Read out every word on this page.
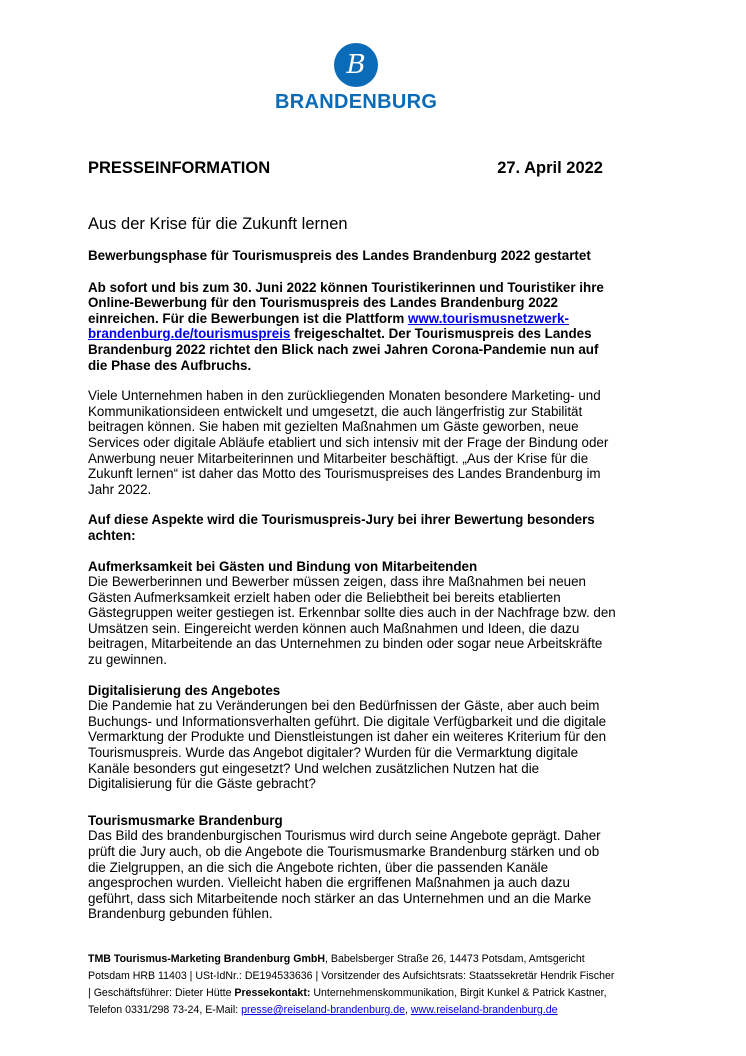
B
BRANDENBURG
PRESSEINFORMATION	27. April 2022
Aus der Krise für die Zukunft lernen
Bewerbungsphase für Tourismuspreis des Landes Brandenburg 2022 gestartet

Ab sofort und bis zum 30. Juni 2022 können Touristikerinnen und Touristiker ihre Online-Bewerbung für den Tourismuspreis des Landes Brandenburg 2022 einreichen. Für die Bewerbungen ist die Plattform www.tourismusnetzwerk-brandenburg.de/tourismuspreis freigeschaltet. Der Tourismuspreis des Landes Brandenburg 2022 richtet den Blick nach zwei Jahren Corona-Pandemie nun auf die Phase des Aufbruchs.

Viele Unternehmen haben in den zurückliegenden Monaten besondere Marketing- und Kommunikationsideen entwickelt und umgesetzt, die auch längerfristig zur Stabilität beitragen können. Sie haben mit gezielten Maßnahmen um Gäste geworben, neue Services oder digitale Abläufe etabliert und sich intensiv mit der Frage der Bindung oder Anwerbung neuer Mitarbeiterinnen und Mitarbeiter beschäftigt. „Aus der Krise für die Zukunft lernen“ ist daher das Motto des Tourismuspreises des Landes Brandenburg im Jahr 2022.

Auf diese Aspekte wird die Tourismuspreis-Jury bei ihrer Bewertung besonders achten:

Aufmerksamkeit bei Gästen und Bindung von Mitarbeitenden
Die Bewerberinnen und Bewerber müssen zeigen, dass ihre Maßnahmen bei neuen Gästen Aufmerksamkeit erzielt haben oder die Beliebtheit bei bereits etablierten Gästegruppen weiter gestiegen ist. Erkennbar sollte dies auch in der Nachfrage bzw. den Umsätzen sein. Eingereicht werden können auch Maßnahmen und Ideen, die dazu beitragen, Mitarbeitende an das Unternehmen zu binden oder sogar neue Arbeitskräfte zu gewinnen.

Digitalisierung des Angebotes
Die Pandemie hat zu Veränderungen bei den Bedürfnissen der Gäste, aber auch beim Buchungs- und Informationsverhalten geführt. Die digitale Verfügbarkeit und die digitale Vermarktung der Produkte und Dienstleistungen ist daher ein weiteres Kriterium für den Tourismuspreis. Wurde das Angebot digitaler? Wurden für die Vermarktung digitale Kanäle besonders gut eingesetzt? Und welchen zusätzlichen Nutzen hat die Digitalisierung für die Gäste gebracht?

Tourismusmarke Brandenburg
Das Bild des brandenburgischen Tourismus wird durch seine Angebote geprägt. Daher prüft die Jury auch, ob die Angebote die Tourismusmarke Brandenburg stärken und ob die Zielgruppen, an die sich die Angebote richten, über die passenden Kanäle angesprochen wurden. Vielleicht haben die ergriffenen Maßnahmen ja auch dazu geführt, dass sich Mitarbeitende noch stärker an das Unternehmen und an die Marke Brandenburg gebunden fühlen.

TMB Tourismus-Marketing Brandenburg GmbH, Babelsberger Straße 26, 14473 Potsdam, Amtsgericht Potsdam HRB 11403 | USt-IdNr.: DE194533636 | Vorsitzender des Aufsichtsrats: Staatssekretär Hendrik Fischer | Geschäftsführer: Dieter Hütte Pressekontakt: Unternehmenskommunikation, Birgit Kunkel & Patrick Kastner, Telefon 0331/298 73-24, E-Mail: presse@reiseland-brandenburg.de, www.reiseland-brandenburg.de
